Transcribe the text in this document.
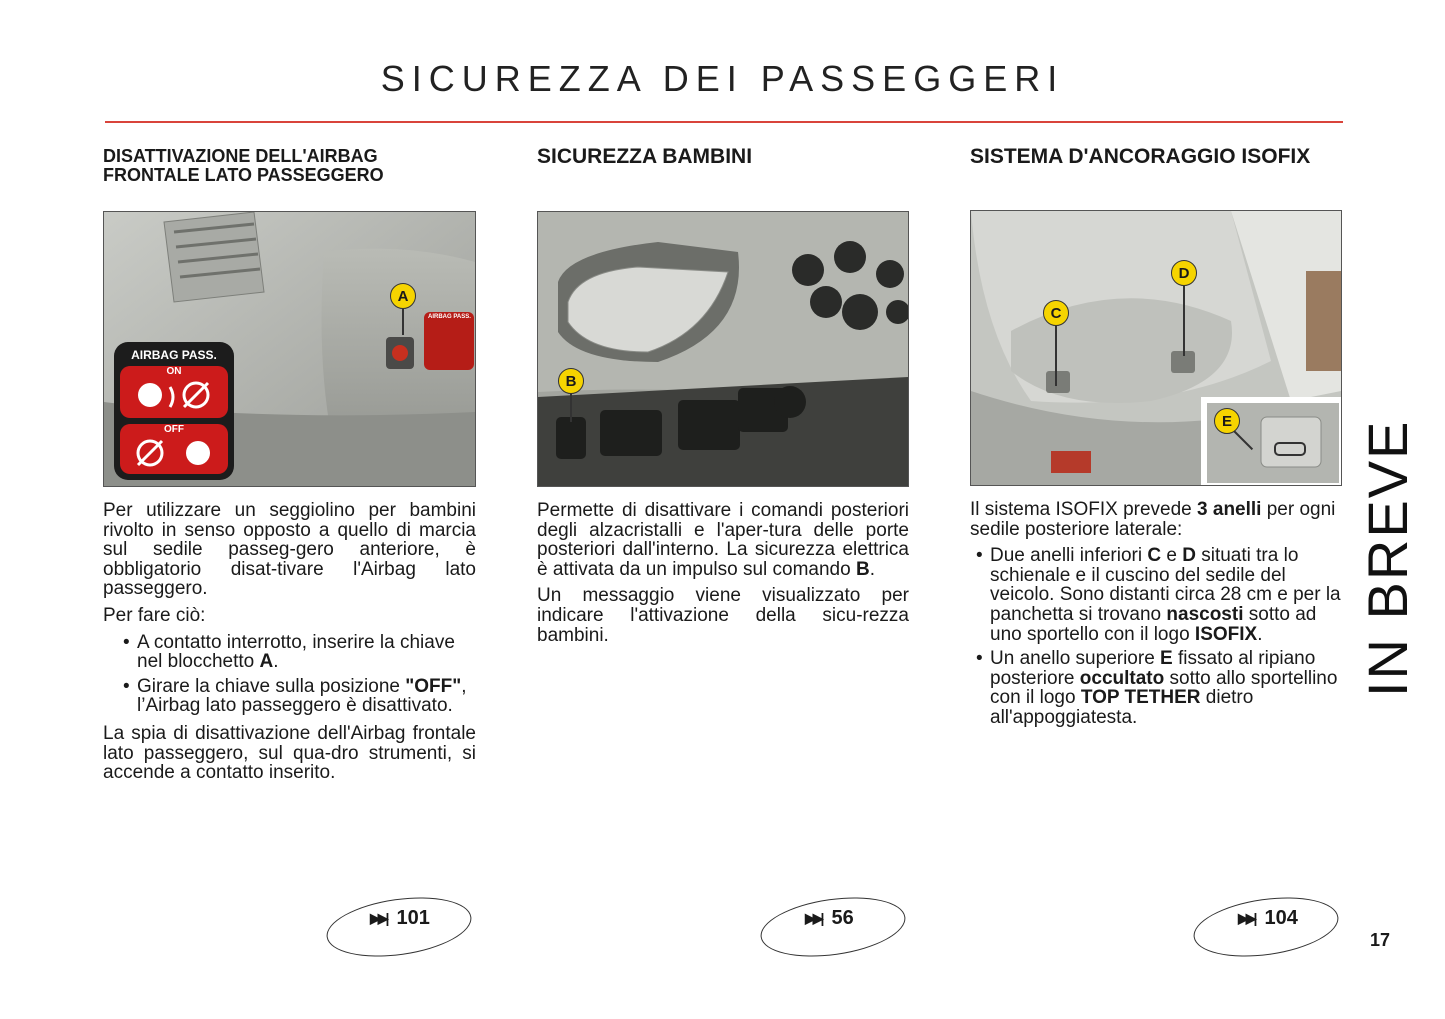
SICUREZZA DEI PASSEGGERI
DISATTIVAZIONE DELL'AIRBAG FRONTALE LATO PASSEGGERO
A
AIRBAG PASS.
AIRBAG PASS.
ON
OFF

Per utilizzare un seggiolino per bambini rivolto in senso opposto a quello di marcia sul sedile passeg-gero anteriore, è obbligatorio disat-tivare l'Airbag lato passeggero.

Per fare ciò:

• A contatto interrotto, inserire la chiave nel blocchetto A.
• Girare la chiave sulla posizione "OFF", l’Airbag lato passeggero è disattivato.

La spia di disattivazione dell'Airbag frontale lato passeggero, sul qua-dro strumenti, si accende a contatto inserito.

SICUREZZA BAMBINI
B

Permette di disattivare i comandi posteriori degli alzacristalli e l'aper-tura delle porte posteriori dall'interno. La sicurezza elettrica è attivata da un impulso sul comando B.

Un messaggio viene visualizzato per indicare l'attivazione della sicu-rezza bambini.

SISTEMA D'ANCORAGGIO ISOFIX
C
D
E

Il sistema ISOFIX prevede 3 anelli per ogni sedile posteriore laterale:

• Due anelli inferiori C e D situati tra lo schienale e il cuscino del sedile del veicolo. Sono distanti circa 28 cm e per la panchetta si trovano nascosti sotto ad uno sportello con il logo ISOFIX.
• Un anello superiore E fissato al ripiano posteriore occultato sotto allo sportellino con il logo TOP TETHER dietro all'appoggiatesta.
▶▶| 101	▶▶| 56	▶▶| 104
IN BREVE
17
